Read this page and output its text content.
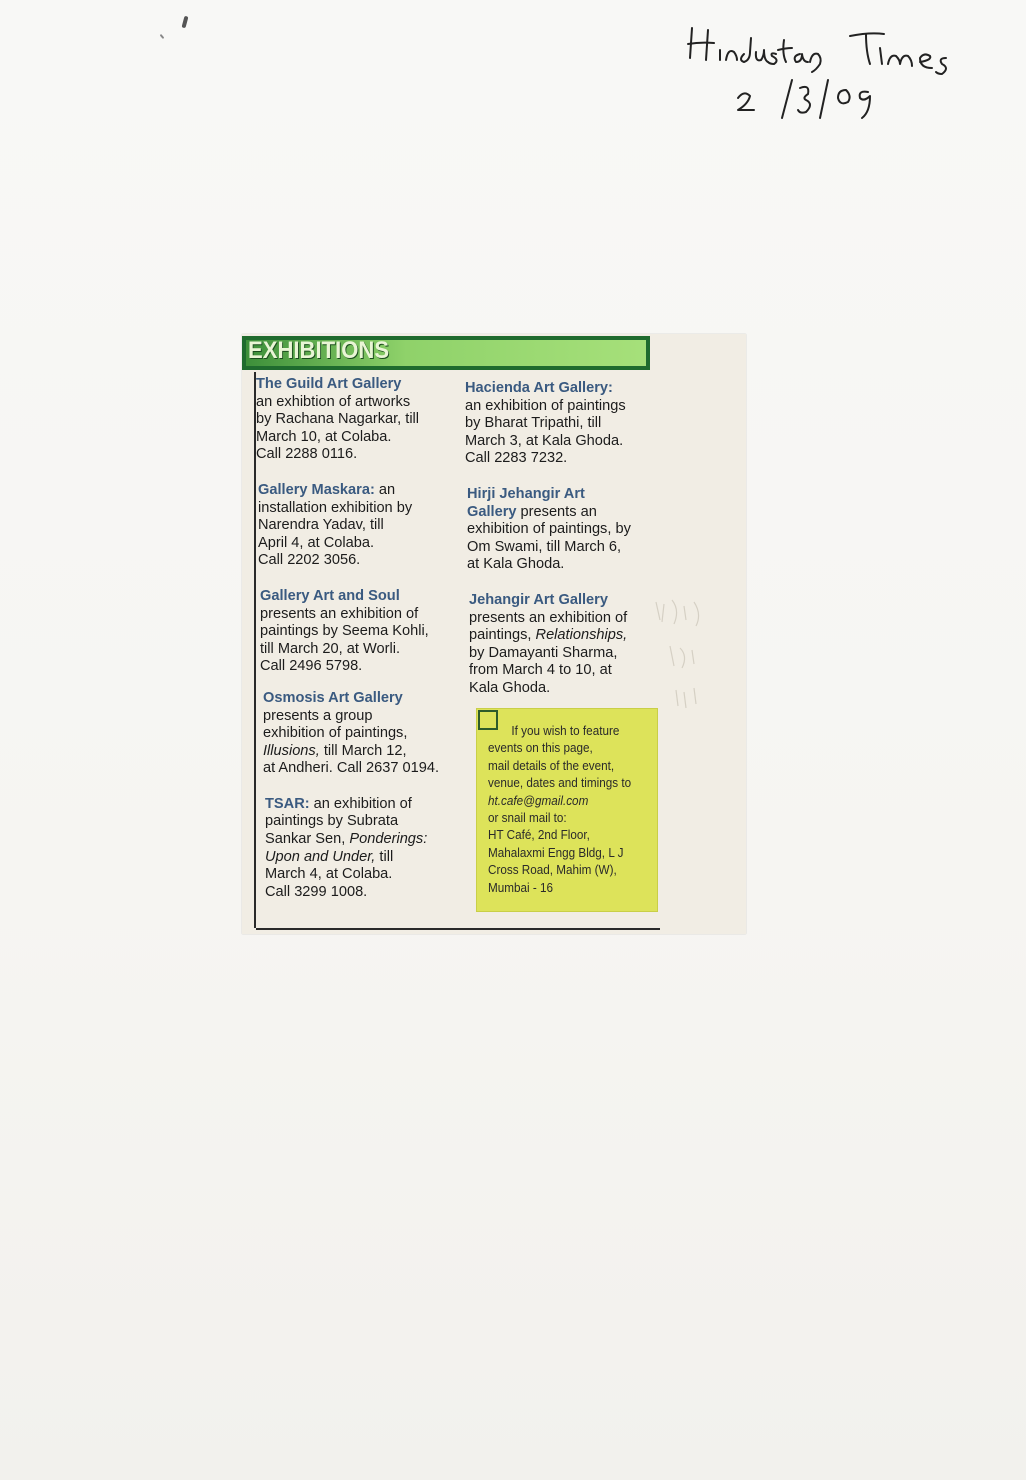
EXHIBITIONS

The Guild Art Gallery

an exhibtion of artworks

by Rachana Nagarkar, till

March 10, at Colaba.

Call 2288 0116.

Gallery Maskara: an

installation exhibition by

Narendra Yadav, till

April 4, at Colaba.

Call 2202 3056.

Gallery Art and Soul

presents an exhibition of

paintings by Seema Kohli,

till March 20, at Worli.

Call 2496 5798.

Osmosis Art Gallery

presents a group

exhibition of paintings,

Illusions, till March 12,

at Andheri. Call 2637 0194.

TSAR: an exhibition of

paintings by Subrata

Sankar Sen, Ponderings:

Upon and Under, till

March 4, at Colaba.

Call 3299 1008.

Hacienda Art Gallery:

an exhibition of paintings

by Bharat Tripathi, till

March 3, at Kala Ghoda.

Call 2283 7232.

Hirji Jehangir Art

Gallery presents an

exhibition of paintings, by

Om Swami, till March 6,

at Kala Ghoda.

Jehangir Art Gallery

presents an exhibition of

paintings, Relationships,

by Damayanti Sharma,

from March 4 to 10, at

Kala Ghoda.

If you wish to feature

events on this page,

mail details of the event,

venue, dates and timings to

ht.cafe@gmail.com

or snail mail to:

HT Café, 2nd Floor,

Mahalaxmi Engg Bldg, L J

Cross Road, Mahim (W),

Mumbai - 16
